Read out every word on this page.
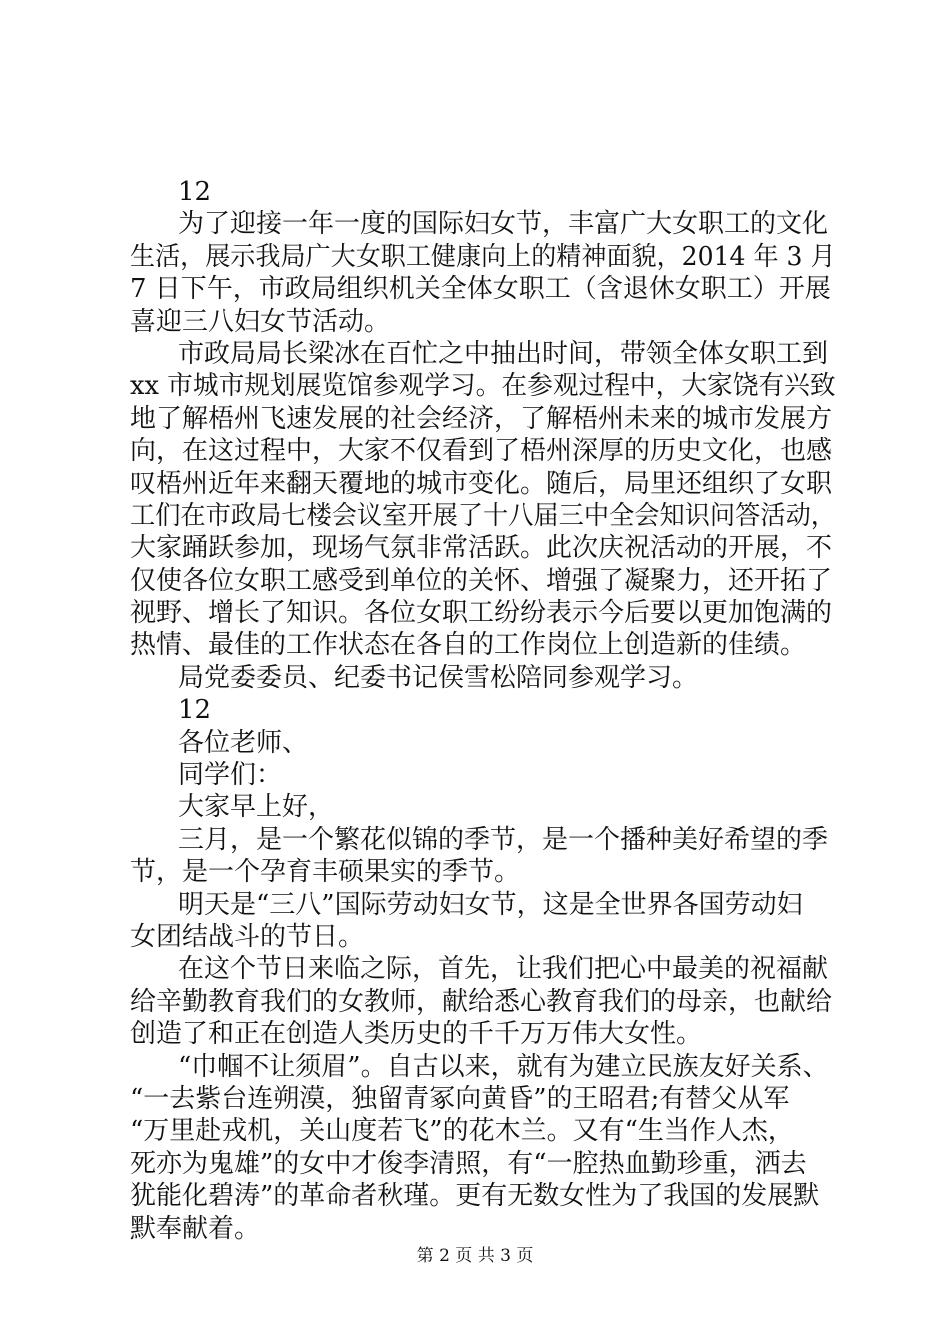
12
为了迎接一年一度的国际妇女节，丰富广大女职工的文化
生活，展示我局广大女职工健康向上的精神面貌，2014 年 3 月
7 日下午，市政局组织机关全体女职工（含退休女职工）开展
喜迎三八妇女节活动。
市政局局长梁冰在百忙之中抽出时间，带领全体女职工到
xx 市城市规划展览馆参观学习。在参观过程中，大家饶有兴致
地了解梧州飞速发展的社会经济，了解梧州未来的城市发展方
向，在这过程中，大家不仅看到了梧州深厚的历史文化，也感
叹梧州近年来翻天覆地的城市变化。随后，局里还组织了女职
工们在市政局七楼会议室开展了十八届三中全会知识问答活动，
大家踊跃参加，现场气氛非常活跃。此次庆祝活动的开展，不
仅使各位女职工感受到单位的关怀、增强了凝聚力，还开拓了
视野、增长了知识。各位女职工纷纷表示今后要以更加饱满的
热情、最佳的工作状态在各自的工作岗位上创造新的佳绩。
局党委委员、纪委书记侯雪松陪同参观学习。
12
各位老师、
同学们：
大家早上好，
三月，是一个繁花似锦的季节，是一个播种美好希望的季
节，是一个孕育丰硕果实的季节。
明天是“三八”国际劳动妇女节，这是全世界各国劳动妇
女团结战斗的节日。
在这个节日来临之际，首先，让我们把心中最美的祝福献
给辛勤教育我们的女教师，献给悉心教育我们的母亲，也献给
创造了和正在创造人类历史的千千万万伟大女性。
“巾帼不让须眉”。自古以来，就有为建立民族友好关系、
“一去紫台连朔漠，独留青冢向黄昏”的王昭君;有替父从军
“万里赴戎机，关山度若飞”的花木兰。又有“生当作人杰，
死亦为鬼雄”的女中才俊李清照，有“一腔热血勤珍重，洒去
犹能化碧涛”的革命者秋瑾。更有无数女性为了我国的发展默
默奉献着。
第 2 页 共 3 页
